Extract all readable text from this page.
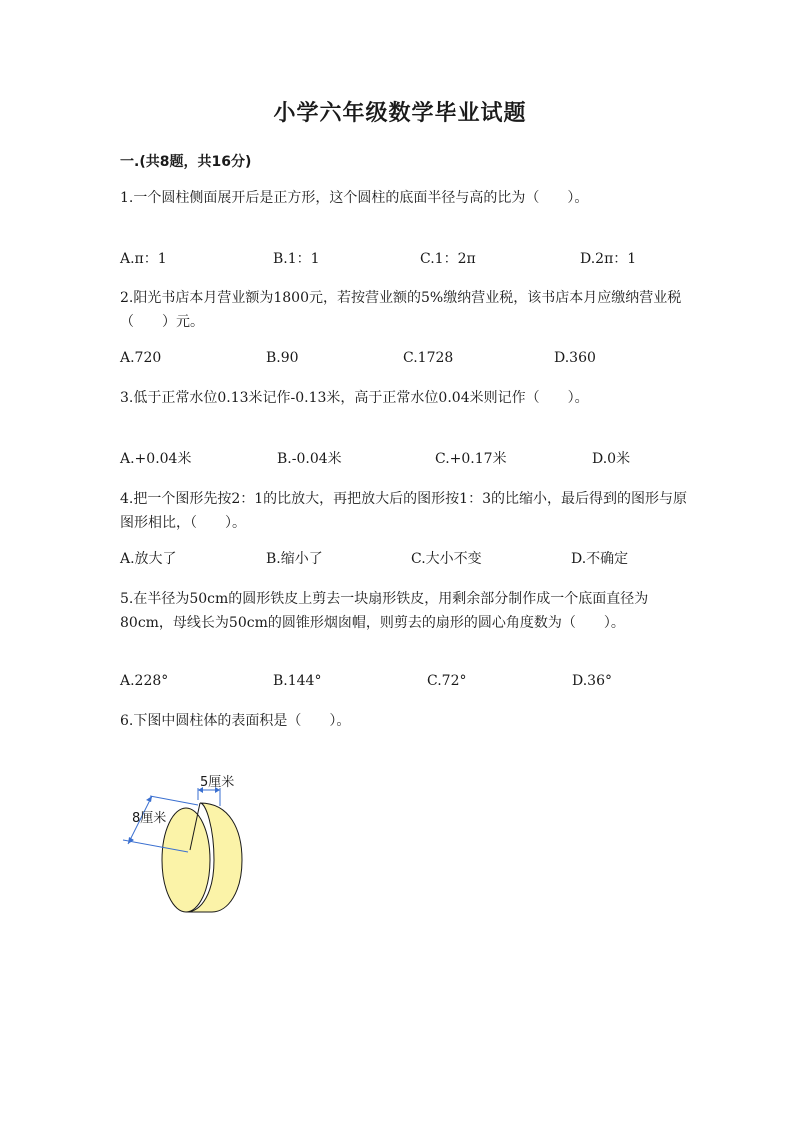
小学六年级数学毕业试题
一.(共8题，共16分)
1.一个圆柱侧面展开后是正方形，这个圆柱的底面半径与高的比为（　　）。
A.π：1	B.1：1	C.1：2π	D.2π：1
2.阳光书店本月营业额为1800元，若按营业额的5%缴纳营业税，该书店本月应缴纳营业税（　　）元。
A.720	B.90	C.1728	D.360
3.低于正常水位0.13米记作-0.13米，高于正常水位0.04米则记作（　　）。
A.+0.04米	B.-0.04米	C.+0.17米	D.0米
4.把一个图形先按2：1的比放大，再把放大后的图形按1：3的比缩小，最后得到的图形与原图形相比，（　　）。
A.放大了	B.缩小了	C.大小不变	D.不确定
5.在半径为50cm的圆形铁皮上剪去一块扇形铁皮，用剩余部分制作成一个底面直径为80cm，母线长为50cm的圆锥形烟囱帽，则剪去的扇形的圆心角度数为（　　）。
A.228°	B.144°	C.72°	D.36°
6.下图中圆柱体的表面积是（　　）。
5厘米
8厘米
